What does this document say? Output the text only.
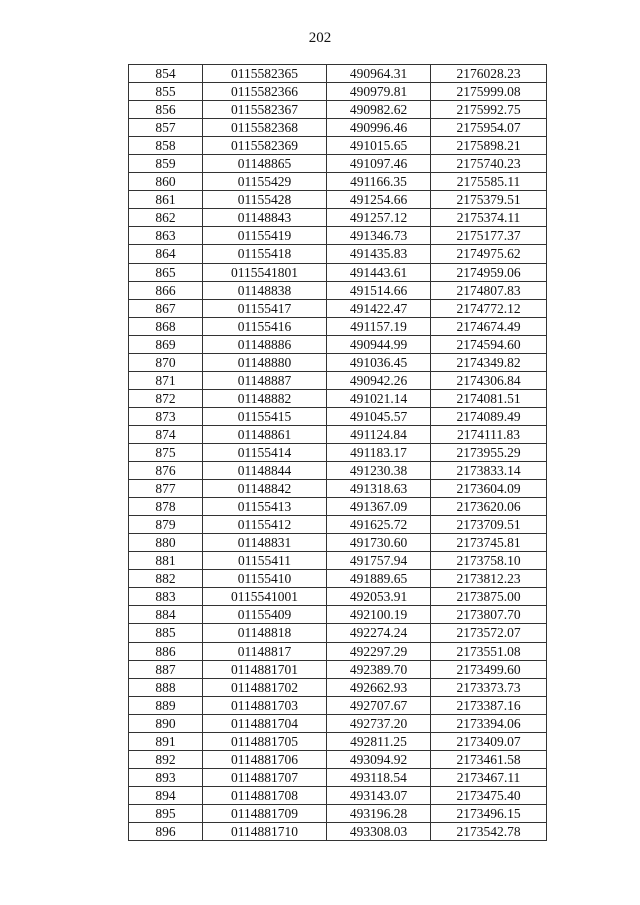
202
854	0115582365	490964.31	2176028.23
855	0115582366	490979.81	2175999.08
856	0115582367	490982.62	2175992.75
857	0115582368	490996.46	2175954.07
858	0115582369	491015.65	2175898.21
859	01148865	491097.46	2175740.23
860	01155429	491166.35	2175585.11
861	01155428	491254.66	2175379.51
862	01148843	491257.12	2175374.11
863	01155419	491346.73	2175177.37
864	01155418	491435.83	2174975.62
865	0115541801	491443.61	2174959.06
866	01148838	491514.66	2174807.83
867	01155417	491422.47	2174772.12
868	01155416	491157.19	2174674.49
869	01148886	490944.99	2174594.60
870	01148880	491036.45	2174349.82
871	01148887	490942.26	2174306.84
872	01148882	491021.14	2174081.51
873	01155415	491045.57	2174089.49
874	01148861	491124.84	2174111.83
875	01155414	491183.17	2173955.29
876	01148844	491230.38	2173833.14
877	01148842	491318.63	2173604.09
878	01155413	491367.09	2173620.06
879	01155412	491625.72	2173709.51
880	01148831	491730.60	2173745.81
881	01155411	491757.94	2173758.10
882	01155410	491889.65	2173812.23
883	0115541001	492053.91	2173875.00
884	01155409	492100.19	2173807.70
885	01148818	492274.24	2173572.07
886	01148817	492297.29	2173551.08
887	0114881701	492389.70	2173499.60
888	0114881702	492662.93	2173373.73
889	0114881703	492707.67	2173387.16
890	0114881704	492737.20	2173394.06
891	0114881705	492811.25	2173409.07
892	0114881706	493094.92	2173461.58
893	0114881707	493118.54	2173467.11
894	0114881708	493143.07	2173475.40
895	0114881709	493196.28	2173496.15
896	0114881710	493308.03	2173542.78
